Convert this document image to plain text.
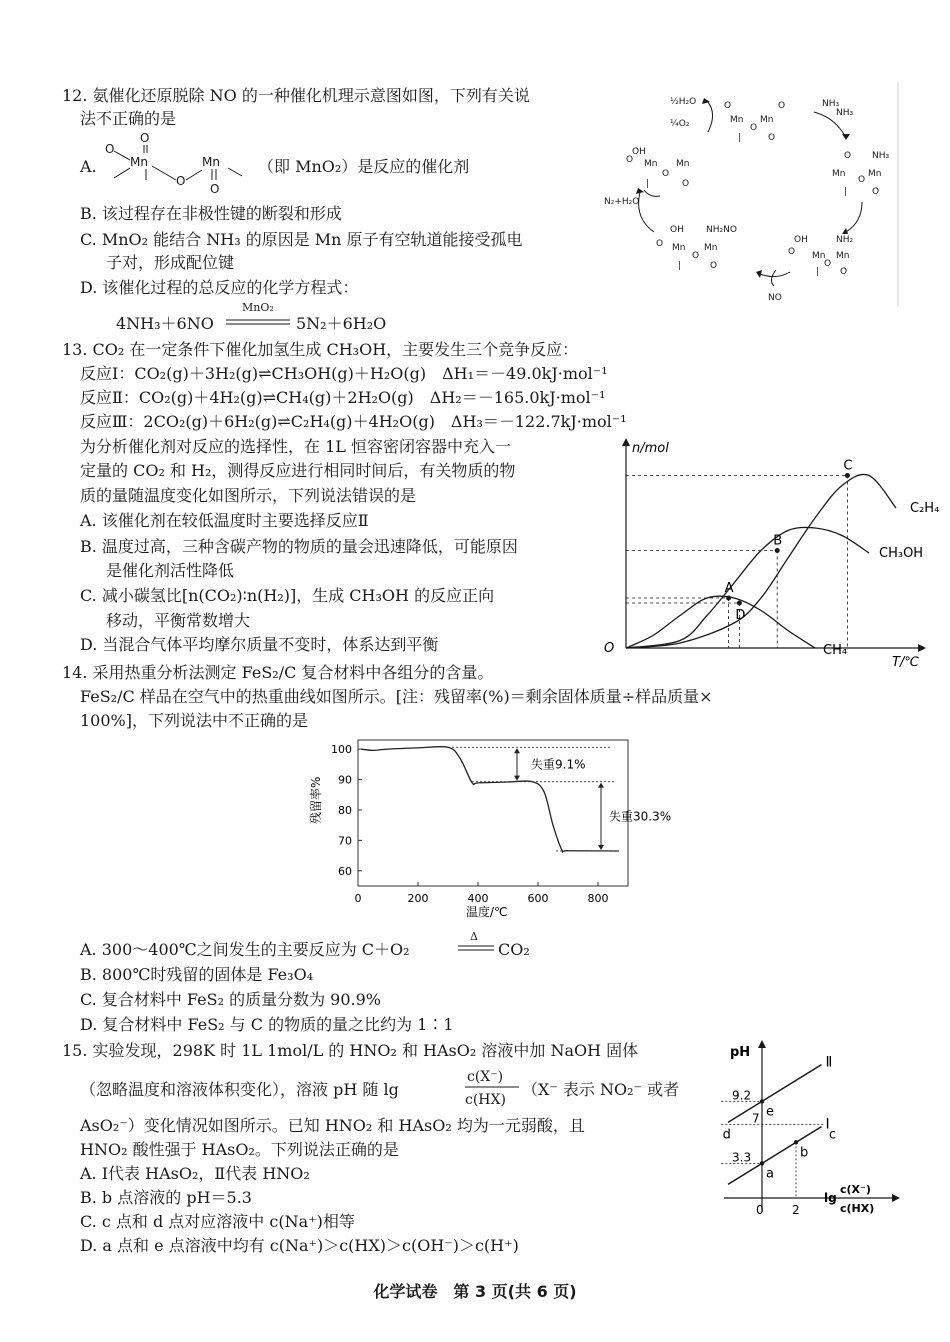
12. 氨催化还原脱除 NO 的一种催化机理示意图如图，下列有关说
法不正确的是
A.
O
O
Mn
O
Mn
O
（即 MnO₂）是反应的催化剂
B. 该过程存在非极性键的断裂和形成
C. MnO₂ 能结合 NH₃ 的原因是 Mn 原子有空轨道能接受孤电
子对，形成配位键
D. 该催化过程的总反应的化学方程式：
4NH₃＋6NO
MnO₂
5N₂＋6H₂O
O	O
Mn Mn
O
|	O
NH₃
O NH₃
Mn	Mn
O
|	O
OH	NH₂
O Mn Mn
O
| O
OH NH₂NO
O Mn Mn
O
|	O
OH
O Mn Mn
O
|	O
½H₂O
¼O₂
NH₃
N₂+H₂O
NO
13. CO₂ 在一定条件下催化加氢生成 CH₃OH，主要发生三个竞争反应：
反应Ⅰ：CO₂(g)＋3H₂(g)⇌CH₃OH(g)＋H₂O(g)　ΔH₁＝－49.0kJ·mol⁻¹
反应Ⅱ：CO₂(g)＋4H₂(g)⇌CH₄(g)＋2H₂O(g)　ΔH₂＝－165.0kJ·mol⁻¹
反应Ⅲ：2CO₂(g)＋6H₂(g)⇌C₂H₄(g)＋4H₂O(g)　ΔH₃＝－122.7kJ·mol⁻¹
为分析催化剂对反应的选择性，在 1L 恒容密闭容器中充入一
定量的 CO₂ 和 H₂，测得反应进行相同时间后，有关物质的物
质的量随温度变化如图所示，下列说法错误的是
A. 该催化剂在较低温度时主要选择反应Ⅱ
B. 温度过高，三种含碳产物的物质的量会迅速降低，可能原因
是催化剂活性降低
C. 减小碳氢比[n(CO₂)∶n(H₂)]，生成 CH₃OH 的反应正向
移动，平衡常数增大
D. 当混合气体平均摩尔质量不变时，体系达到平衡
n/mol
T/℃
O
C₂H₄
CH₃OH
CH₄
A
B
C
D
14. 采用热重分析法测定 FeS₂/C 复合材料中各组分的含量。
FeS₂/C 样品在空气中的热重曲线如图所示。[注：残留率(%)＝剩余固体质量÷样品质量×
100%]，下列说法中不正确的是
残留率%
温度/℃
0	200	400	600	800
60
70
80
90
100
失重9.1%
失重30.3%
A. 300～400℃之间发生的主要反应为 C＋O₂
Δ
CO₂
B. 800℃时残留的固体是 Fe₃O₄
C. 复合材料中 FeS₂ 的质量分数为 90.9%
D. 复合材料中 FeS₂ 与 C 的物质的量之比约为 1∶1
15. 实验发现，298K 时 1L 1mol/L 的 HNO₂ 和 HAsO₂ 溶液中加 NaOH 固体
（忽略温度和溶液体积变化），溶液 pH 随 lg
c(X⁻)
c(HX)
（X⁻ 表示 NO₂⁻ 或者
AsO₂⁻）变化情况如图所示。已知 HNO₂ 和 HAsO₂ 均为一元弱酸，且
HNO₂ 酸性强于 HAsO₂。下列说法正确的是
A. Ⅰ代表 HAsO₂，Ⅱ代表 HNO₂
B. b 点溶液的 pH＝5.3
C. c 点和 d 点对应溶液中 c(Na⁺)相等
D. a 点和 e 点溶液中均有 c(Na⁺)＞c(HX)＞c(OH⁻)＞c(H⁺)
pH
lg
c(X⁻)
c(HX)
0 2
3.3
7
9.2
Ⅰ
Ⅱ
a
b
c
d
e
化学试卷　第 3 页(共 6 页)
